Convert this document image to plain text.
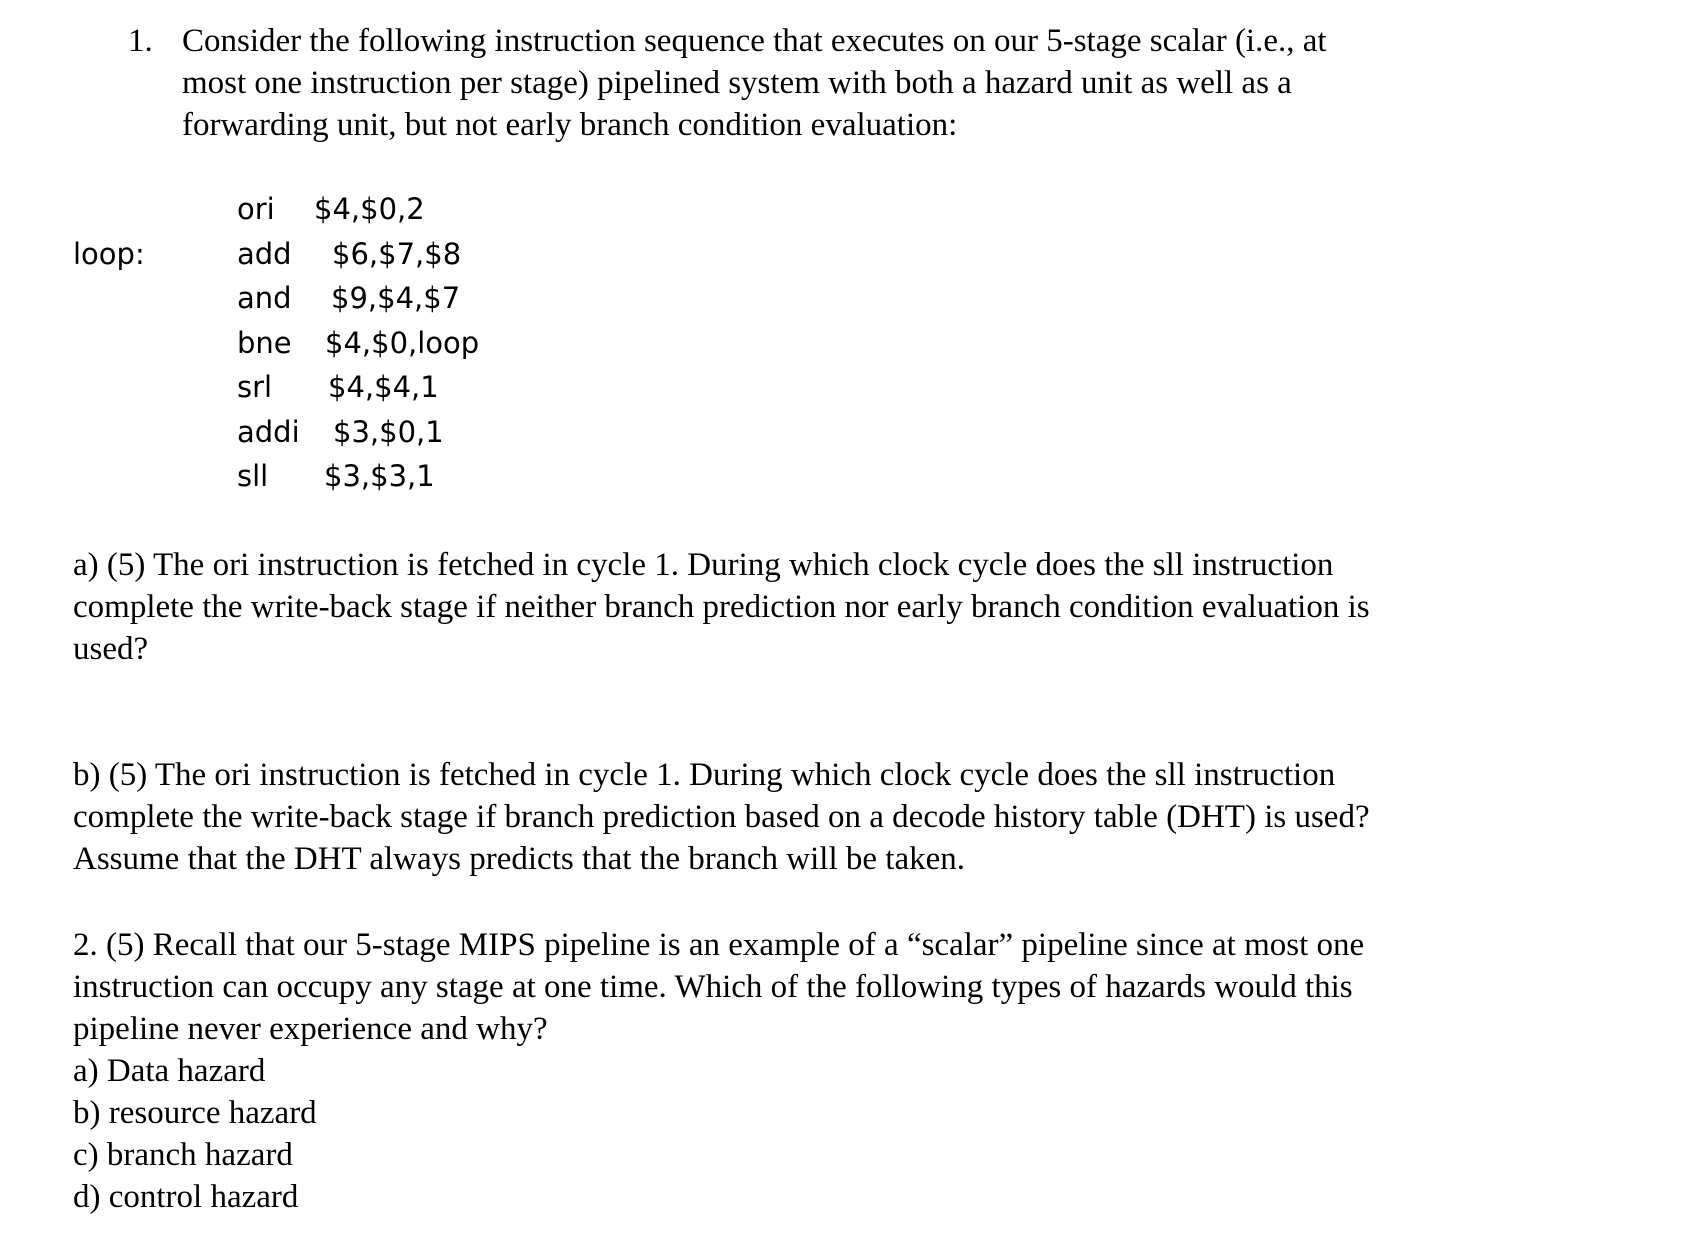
1. Consider the following instruction sequence that executes on our 5-stage scalar (i.e., at
most one instruction per stage) pipelined system with both a hazard unit as well as a
forwarding unit, but not early branch condition evaluation:
loop:
ori	$4,$0,2
add	$6,$7,$8
and	$9,$4,$7
bne	$4,$0,loop
srl	$4,$4,1
addi	$3,$0,1
sll	$3,$3,1
a) (5) The ori instruction is fetched in cycle 1. During which clock cycle does the sll instruction
complete the write-back stage if neither branch prediction nor early branch condition evaluation is
used?
b) (5) The ori instruction is fetched in cycle 1. During which clock cycle does the sll instruction
complete the write-back stage if branch prediction based on a decode history table (DHT) is used?
Assume that the DHT always predicts that the branch will be taken.
2. (5) Recall that our 5-stage MIPS pipeline is an example of a “scalar” pipeline since at most one
instruction can occupy any stage at one time. Which of the following types of hazards would this
pipeline never experience and why?
a) Data hazard
b) resource hazard
c) branch hazard
d) control hazard
